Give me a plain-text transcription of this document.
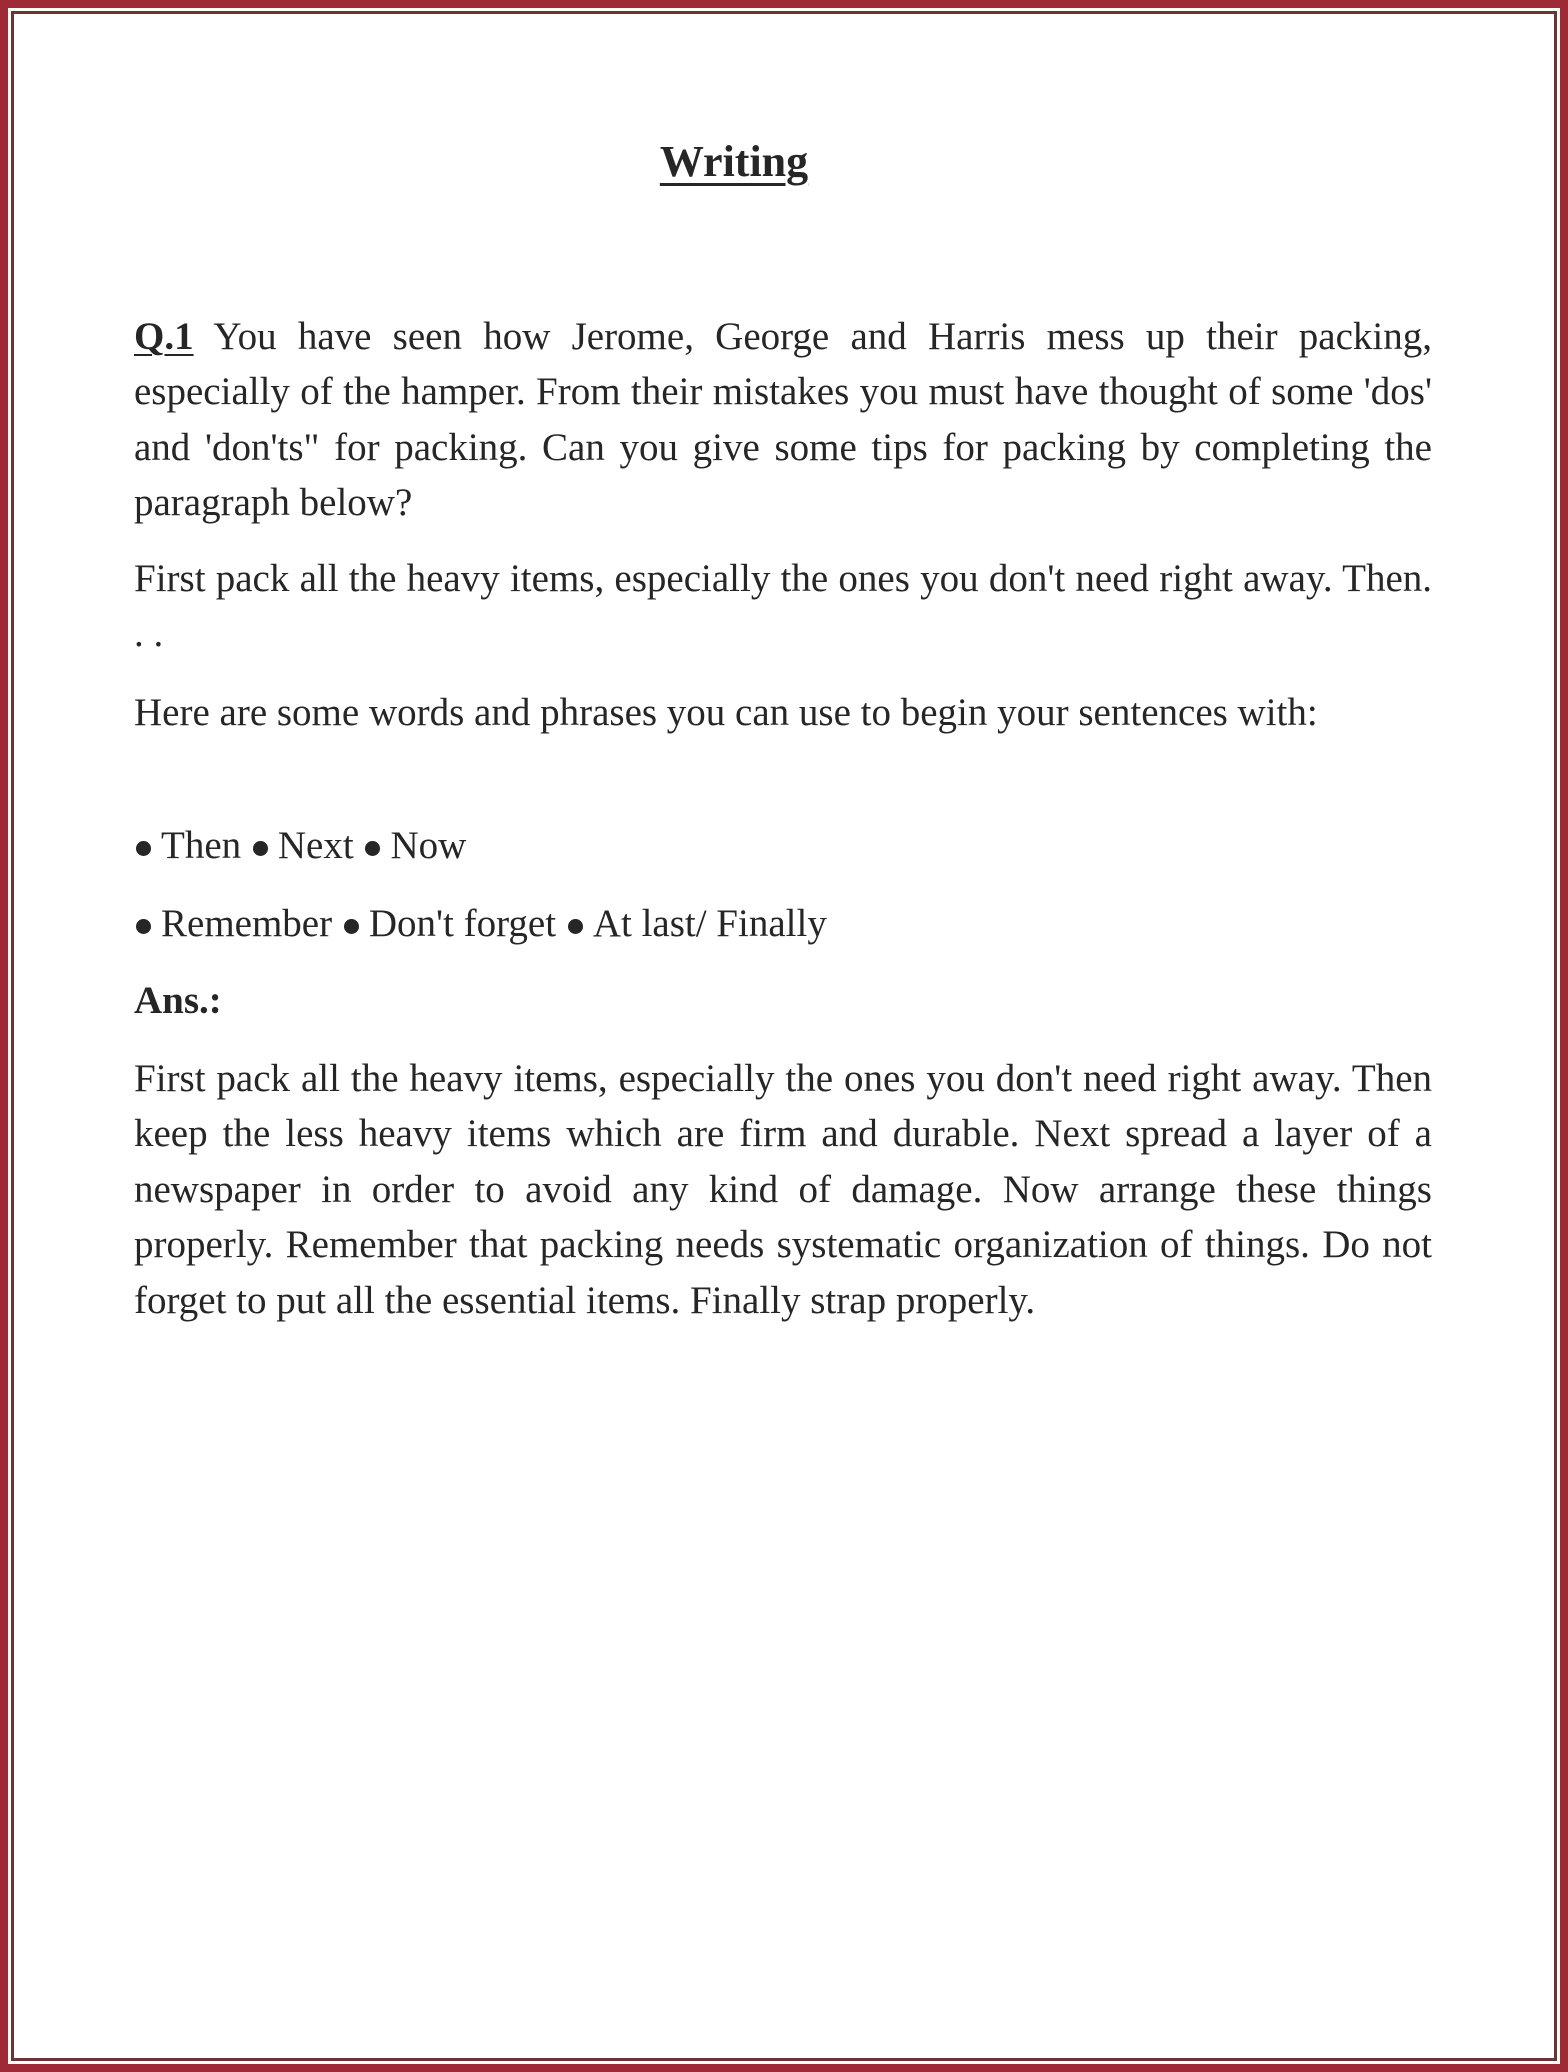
Writing

Q.1 You have seen how Jerome, George and Harris mess up their packing, especially of the hamper. From their mistakes you must have thought of some 'dos' and 'don'ts" for packing. Can you give some tips for packing by completing the paragraph below?

First pack all the heavy items, especially the ones you don't need right away. Then. . .

Here are some words and phrases you can use to begin your sentences with:

Then Next Now
Remember Don't forget At last/ Finally
Ans.:

First pack all the heavy items, especially the ones you don't need right away. Then keep the less heavy items which are firm and durable. Next spread a layer of a newspaper in order to avoid any kind of damage. Now arrange these things properly. Remember that packing needs systematic organization of things. Do not forget to put all the essential items. Finally strap properly.
